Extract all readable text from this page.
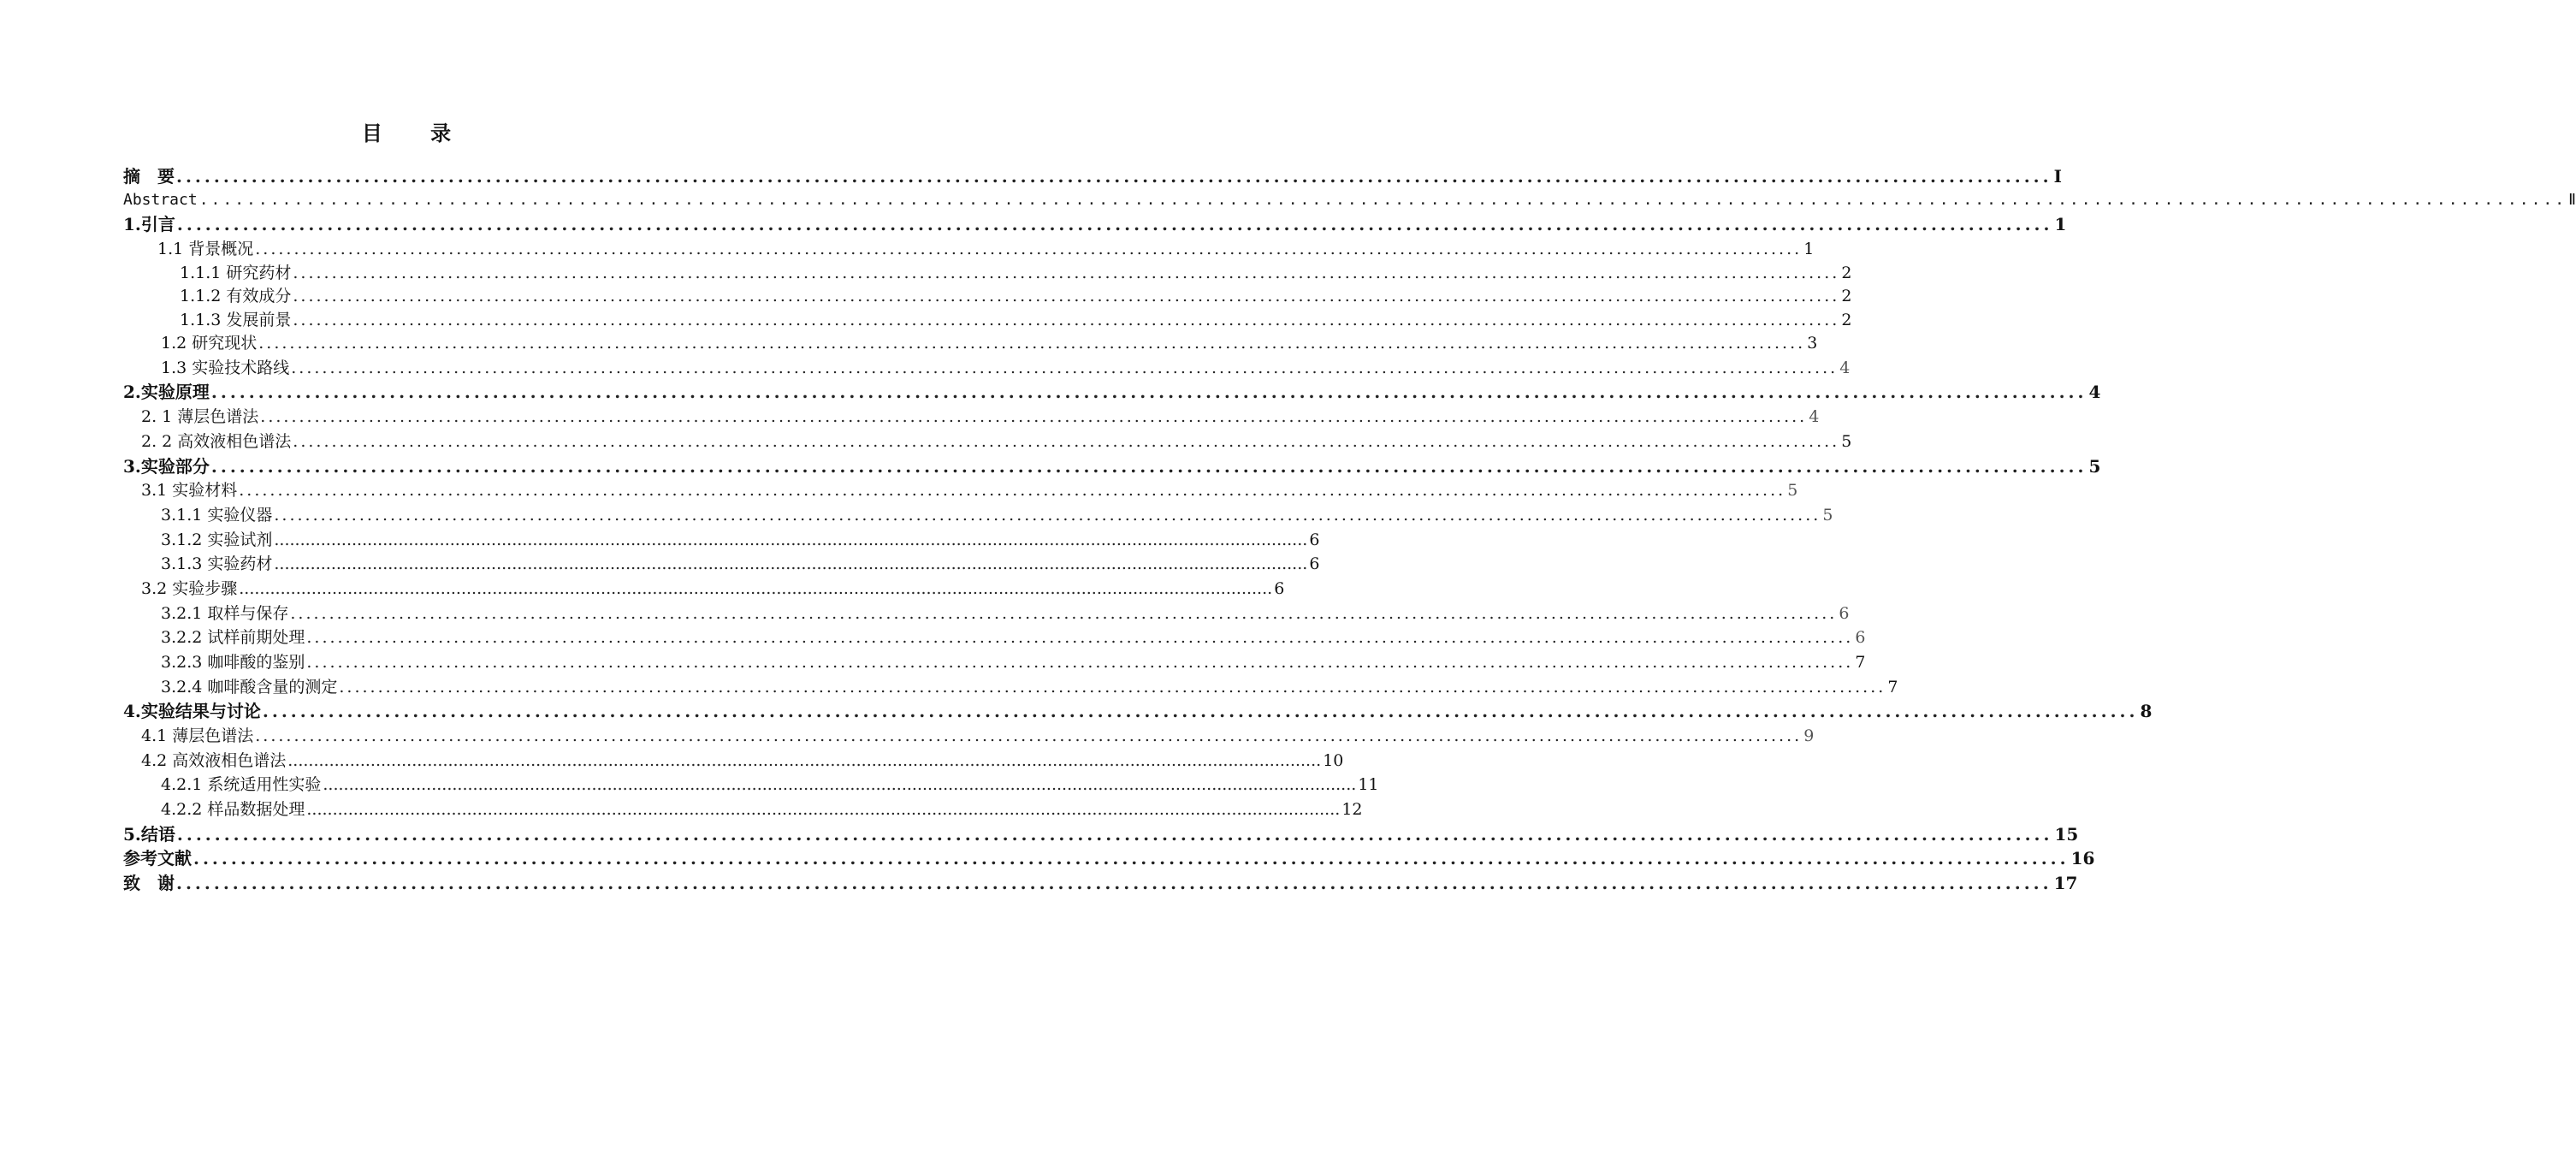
目 录
摘　要 ........................................................................................................................................................................................................ Ⅰ
Abstract ........................................................................................................................................................................................................ Ⅱ
1.引言 ........................................................................................................................................................................................................ 1
1.1 背景概况 ........................................................................................................................................................................................................ 1
1.1.1 研究药材 ........................................................................................................................................................................................................ 2
1.1.2 有效成分 ........................................................................................................................................................................................................ 2
1.1.3 发展前景 ........................................................................................................................................................................................................ 2
1.2 研究现状 ........................................................................................................................................................................................................ 3
1.3 实验技术路线 ........................................................................................................................................................................................................ 4
2.实验原理 ........................................................................................................................................................................................................ 4
2. 1 薄层色谱法 ........................................................................................................................................................................................................ 4
2. 2 高效液相色谱法 ........................................................................................................................................................................................................ 5
3.实验部分 ........................................................................................................................................................................................................ 5
3.1 实验材料 ........................................................................................................................................................................................................ 5
3.1.1 实验仪器 ........................................................................................................................................................................................................ 5
3.1.2 实验试剂 ........................................................................................................................................................................................................ 6
3.1.3 实验药材 ........................................................................................................................................................................................................ 6
3.2 实验步骤 ........................................................................................................................................................................................................ 6
3.2.1 取样与保存 ........................................................................................................................................................................................................ 6
3.2.2 试样前期处理 ........................................................................................................................................................................................................ 6
3.2.3 咖啡酸的鉴别 ........................................................................................................................................................................................................ 7
3.2.4 咖啡酸含量的测定 ........................................................................................................................................................................................................ 7
4.实验结果与讨论 ........................................................................................................................................................................................................ 8
4.1 薄层色谱法 ........................................................................................................................................................................................................ 9
4.2 高效液相色谱法 ........................................................................................................................................................................................................ 10
4.2.1 系统适用性实验 ........................................................................................................................................................................................................ 11
4.2.2 样品数据处理 ........................................................................................................................................................................................................ 12
5.结语 ........................................................................................................................................................................................................ 15
参考文献 ........................................................................................................................................................................................................ 16
致　谢 ........................................................................................................................................................................................................ 17
